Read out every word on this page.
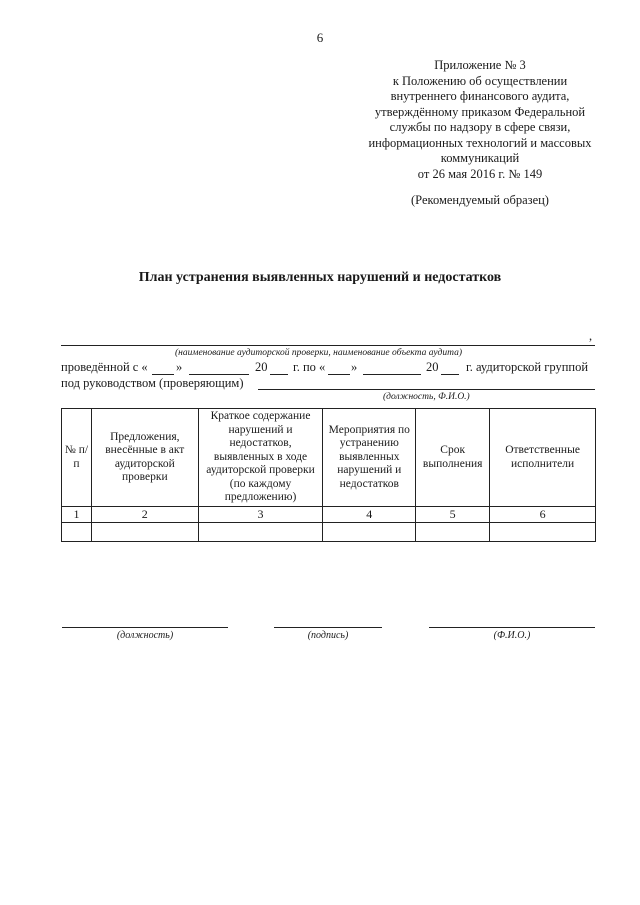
6
Приложение № 3
к Положению об осуществлении
внутреннего финансового аудита,
утверждённому приказом Федеральной
службы по надзору в сфере связи,
информационных технологий и массовых
коммуникаций
от 26 мая 2016 г. № 149
(Рекомендуемый образец)
План устранения выявленных нарушений и недостатков
,
(наименование аудиторской проверки, наименование объекта аудита)
проведённой с « »	20 г. по « »	20 г. аудиторской группой
под руководством (проверяющим)
(должность, Ф.И.О.)
№ п/п	Предложения, внесённые в акт аудиторской проверки	Краткое содержание нарушений и недостатков, выявленных в ходе аудиторской проверки (по каждому предложению)	Мероприятия по устранению выявленных нарушений и недостатков	Срок выполнения	Ответственные исполнители
1	2	3	4	5	6

(должность)	(подпись)	(Ф.И.О.)
